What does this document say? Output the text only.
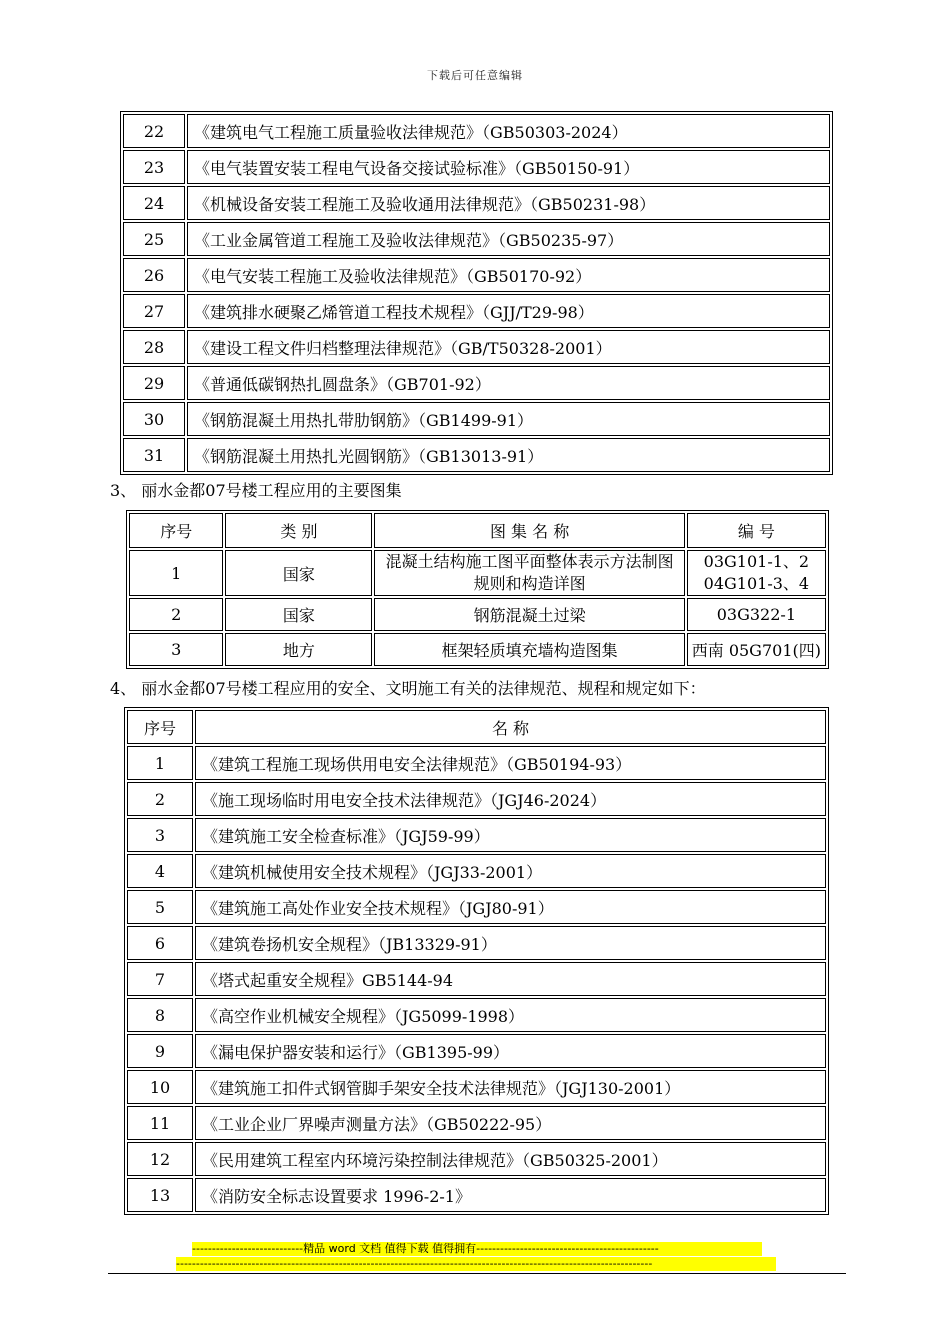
下载后可任意编辑
22	《建筑电气工程施工质量验收法律规范》（GB50303-2024）
23	《电气装置安装工程电气设备交接试验标准》（GB50150-91）
24	《机械设备安装工程施工及验收通用法律规范》（GB50231-98）
25	《工业金属管道工程施工及验收法律规范》（GB50235-97）
26	《电气安装工程施工及验收法律规范》（GB50170-92）
27	《建筑排水硬聚乙烯管道工程技术规程》（GJJ/T29-98）
28	《建设工程文件归档整理法律规范》（GB/T50328-2001）
29	《普通低碳钢热扎圆盘条》（GB701-92）
30	《钢筋混凝土用热扎带肋钢筋》（GB1499-91）
31	《钢筋混凝土用热扎光圆钢筋》（GB13013-91）
3、 丽水金都07号楼工程应用的主要图集
序号	类 别	图 集 名 称	编 号
1	国家	混凝土结构施工图平面整体表示方法制图规则和构造详图	03G101-1、2
04G101-3、4

2	国家	钢筋混凝土过梁	03G322-1
3	地方	框架轻质填充墙构造图集	西南 05G701(四)
4、 丽水金都07号楼工程应用的安全、文明施工有关的法律规范、规程和规定如下：
序号	名 称
1	《建筑工程施工现场供用电安全法律规范》（GB50194-93）
2	《施工现场临时用电安全技术法律规范》（JGJ46-2024）
3	《建筑施工安全检查标准》（JGJ59-99）
4	《建筑机械使用安全技术规程》（JGJ33-2001）
5	《建筑施工高处作业安全技术规程》（JGJ80-91）
6	《建筑卷扬机安全规程》（JB13329-91）
7	《塔式起重安全规程》GB5144-94
8	《高空作业机械安全规程》（JG5099-1998）
9	《漏电保护器安装和运行》（GB1395-99）
10	《建筑施工扣件式钢管脚手架安全技术法律规范》（JGJ130-2001）
11	《工业企业厂界噪声测量方法》（GB50222-95）
12	《民用建筑工程室内环境污染控制法律规范》（GB50325-2001）
13	《消防安全标志设置要求 1996-2-1》
----------------------------精品 word 文档 值得下载 值得拥有----------------------------------------------
------------------------------------------------------------------------------------------------------------------------
